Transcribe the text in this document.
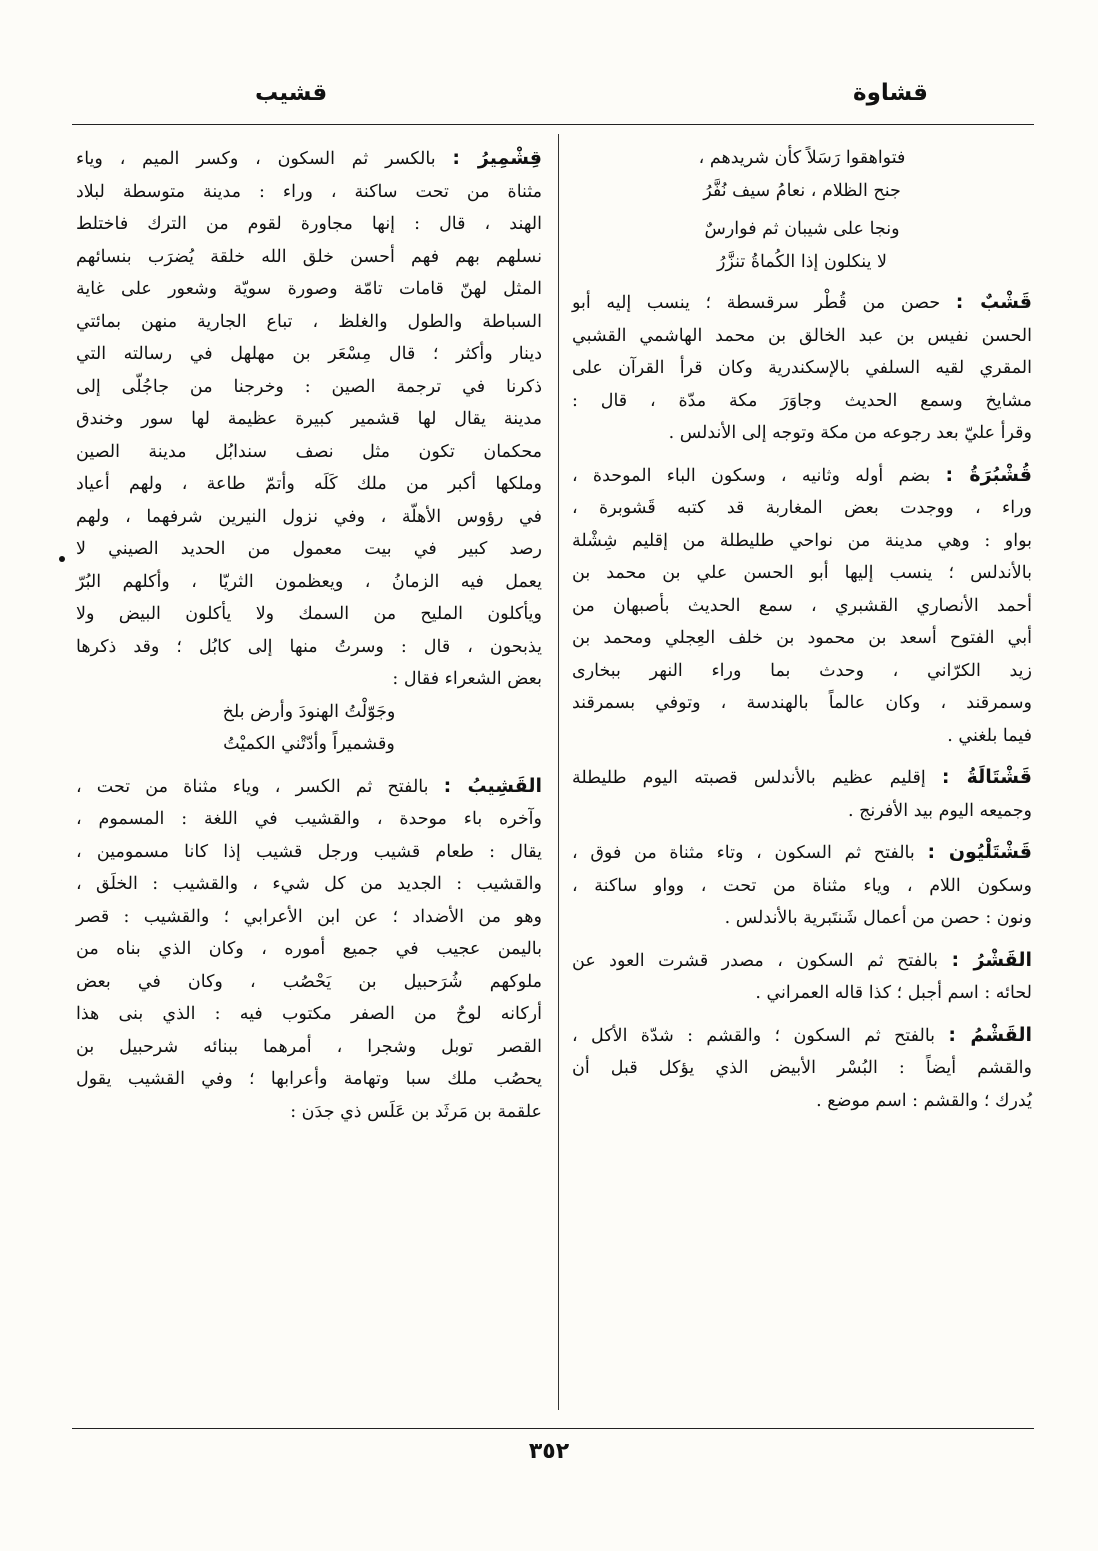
قشاوة
قشيب
فتواهقوا رَسَلاً كأن شريدهم ،
جنح الظلام ، نعامُ سيف نُفَّرُ
ونجا على شيبان ثم فوارسٌ
لا ينكلون إذا الكُماةُ تنزَّرُ
قَشْبٌ : حصن من قُطْر سرقسطة ؛ ينسب إليه أبو
الحسن نفيس بن عبد الخالق بن محمد الهاشمي القشبي
المقري لقيه السلفي بالإسكندرية وكان قرأ القرآن على
مشايخ وسمع الحديث وجاوَرَ مكة مدّة ، قال :
وقرأ عليّ بعد رجوعه من مكة وتوجه إلى الأندلس .
قُشْبُرَةُ : بضم أوله وثانيه ، وسكون الباء الموحدة ،
وراء ، ووجدت بعض المغاربة قد كتبه قَشوبرة ،
بواو : وهي مدينة من نواحي طليطلة من إقليم شِشْلة
بالأندلس ؛ ينسب إليها أبو الحسن علي بن محمد بن
أحمد الأنصاري القشبري ، سمع الحديث بأصبهان من
أبي الفتوح أسعد بن محمود بن خلف العِجلي ومحمد بن
زيد الكرّاني ، وحدث بما وراء النهر ببخارى
وسمرقند ، وكان عالماً بالهندسة ، وتوفي بسمرقند
فيما بلغني .
قَشْتَالَةُ : إقليم عظيم بالأندلس قصبته اليوم طليطلة
وجميعه اليوم بيد الأفرنج .
قَشْتَلْيُون : بالفتح ثم السكون ، وتاء مثناة من فوق ،
وسكون اللام ، وياء مثناة من تحت ، وواو ساكنة ،
ونون : حصن من أعمال شَنتَبرية بالأندلس .
القَشْرُ : بالفتح ثم السكون ، مصدر قشرت العود عن
لحائه : اسم أجبل ؛ كذا قاله العمراني .
القَشْمُ : بالفتح ثم السكون ؛ والقشم : شدّة الأكل ،
والقشم أيضاً : البُسْر الأبيض الذي يؤكل قبل أن
يُدرك ؛ والقشم : اسم موضع .
قِشْمِيرُ : بالكسر ثم السكون ، وكسر الميم ، وياء
مثناة من تحت ساكنة ، وراء : مدينة متوسطة لبلاد
الهند ، قال : إنها مجاورة لقوم من الترك فاختلط
نسلهم بهم فهم أحسن خلق الله خلقة يُضرَب بنسائهم
المثل لهنّ قامات تامّة وصورة سويّة وشعور على غاية
السباطة والطول والغلظ ، تباع الجارية منهن بمائتي
دينار وأكثر ؛ قال مِسْعَر بن مهلهل في رسالته التي
ذكرنا في ترجمة الصين : وخرجنا من جاجُلّى إلى
مدينة يقال لها قشمير كبيرة عظيمة لها سور وخندق
محكمان تكون مثل نصف سندابُل مدينة الصين
وملكها أكبر من ملك كَلَه وأتمّ طاعة ، ولهم أعياد
في رؤوس الأهلّة ، وفي نزول النيرين شرفهما ، ولهم
رصد كبير في بيت معمول من الحديد الصيني لا
يعمل فيه الزمانُ ، ويعظمون الثريّا ، وأكلهم البُرّ
ويأكلون المليح من السمك ولا يأكلون البيض ولا
يذبحون ، قال : وسرتُ منها إلى كابُل ؛ وقد ذكرها
بعض الشعراء فقال :
وجَوّلْتُ الهنودَ وأرض بلخ
وقشميراً وأدّتْني الكميْتُ
القَشِيبُ : بالفتح ثم الكسر ، وياء مثناة من تحت ،
وآخره باء موحدة ، والقشيب في اللغة : المسموم ،
يقال : طعام قشيب ورجل قشيب إذا كانا مسمومين ،
والقشيب : الجديد من كل شيء ، والقشيب : الخلَق ،
وهو من الأضداد ؛ عن ابن الأعرابي ؛ والقشيب : قصر
باليمن عجيب في جميع أموره ، وكان الذي بناه من
ملوكهم شُرَحبيل بن يَحْصُب ، وكان في بعض
أركانه لوحٌ من الصفر مكتوب فيه : الذي بنى هذا
القصر توبل وشجرا ، أمرهما ببنائه شرحبيل بن
يحصُب ملك سبا وتهامة وأعرابها ؛ وفي القشيب يقول
علقمة بن مَرثَد بن عَلَس ذي جدَن :
٣٥٢
